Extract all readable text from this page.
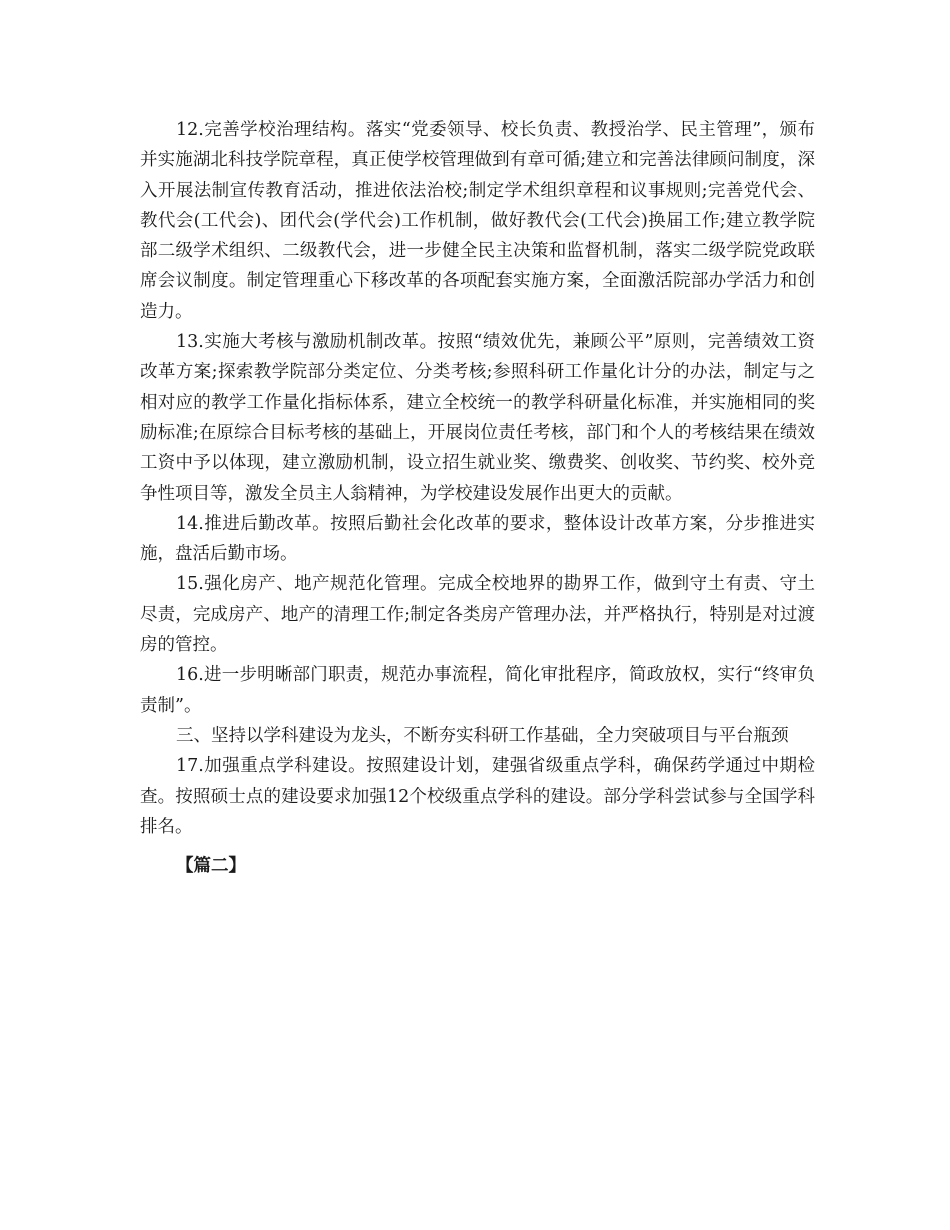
12.完善学校治理结构。落实“党委领导、校长负责、教授治学、民主管理”，颁布并实施湖北科技学院章程，真正使学校管理做到有章可循;建立和完善法律顾问制度，深入开展法制宣传教育活动，推进依法治校;制定学术组织章程和议事规则;完善党代会、教代会(工代会)、团代会(学代会)工作机制，做好教代会(工代会)换届工作;建立教学院部二级学术组织、二级教代会，进一步健全民主决策和监督机制，落实二级学院党政联席会议制度。制定管理重心下移改革的各项配套实施方案，全面激活院部办学活力和创造力。

13.实施大考核与激励机制改革。按照“绩效优先，兼顾公平”原则，完善绩效工资改革方案;探索教学院部分类定位、分类考核;参照科研工作量化计分的办法，制定与之相对应的教学工作量化指标体系，建立全校统一的教学科研量化标准，并实施相同的奖励标准;在原综合目标考核的基础上，开展岗位责任考核，部门和个人的考核结果在绩效工资中予以体现，建立激励机制，设立招生就业奖、缴费奖、创收奖、节约奖、校外竞争性项目等，激发全员主人翁精神，为学校建设发展作出更大的贡献。

14.推进后勤改革。按照后勤社会化改革的要求，整体设计改革方案，分步推进实施，盘活后勤市场。

15.强化房产、地产规范化管理。完成全校地界的勘界工作，做到守土有责、守土尽责，完成房产、地产的清理工作;制定各类房产管理办法，并严格执行，特别是对过渡房的管控。

16.进一步明晰部门职责，规范办事流程，简化审批程序，简政放权，实行“终审负责制”。

三、坚持以学科建设为龙头，不断夯实科研工作基础，全力突破项目与平台瓶颈

17.加强重点学科建设。按照建设计划，建强省级重点学科，确保药学通过中期检查。按照硕士点的建设要求加强12个校级重点学科的建设。部分学科尝试参与全国学科排名。

【篇二】
